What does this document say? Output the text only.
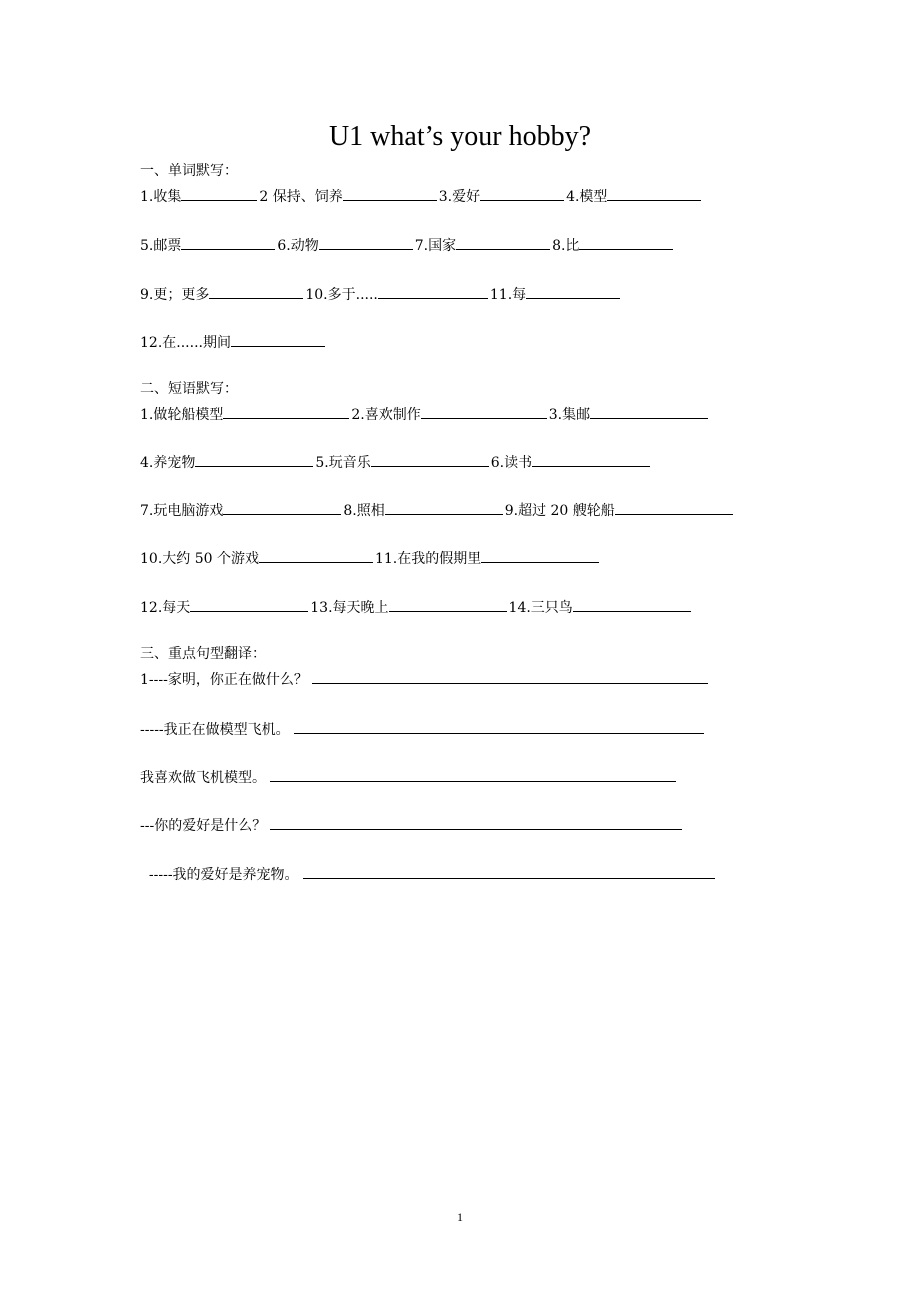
U1 what’s your hobby?
一、单词默写：
1.收集	2 保持、饲养	3.爱好	4.模型
5.邮票	6.动物	7.国家	8.比
9.更；更多	10.多于.....	11.每
12.在......期间
二、短语默写：
1.做轮船模型	2.喜欢制作	3.集邮
4.养宠物	5.玩音乐	6.读书
7.玩电脑游戏	8.照相	9.超过 20 艘轮船
10.大约 50 个游戏	11.在我的假期里
12.每天	13.每天晚上	14.三只鸟
三、重点句型翻译：
1----家明，你正在做什么？
-----我正在做模型飞机。
我喜欢做飞机模型。
---你的爱好是什么？
-----我的爱好是养宠物。
1
